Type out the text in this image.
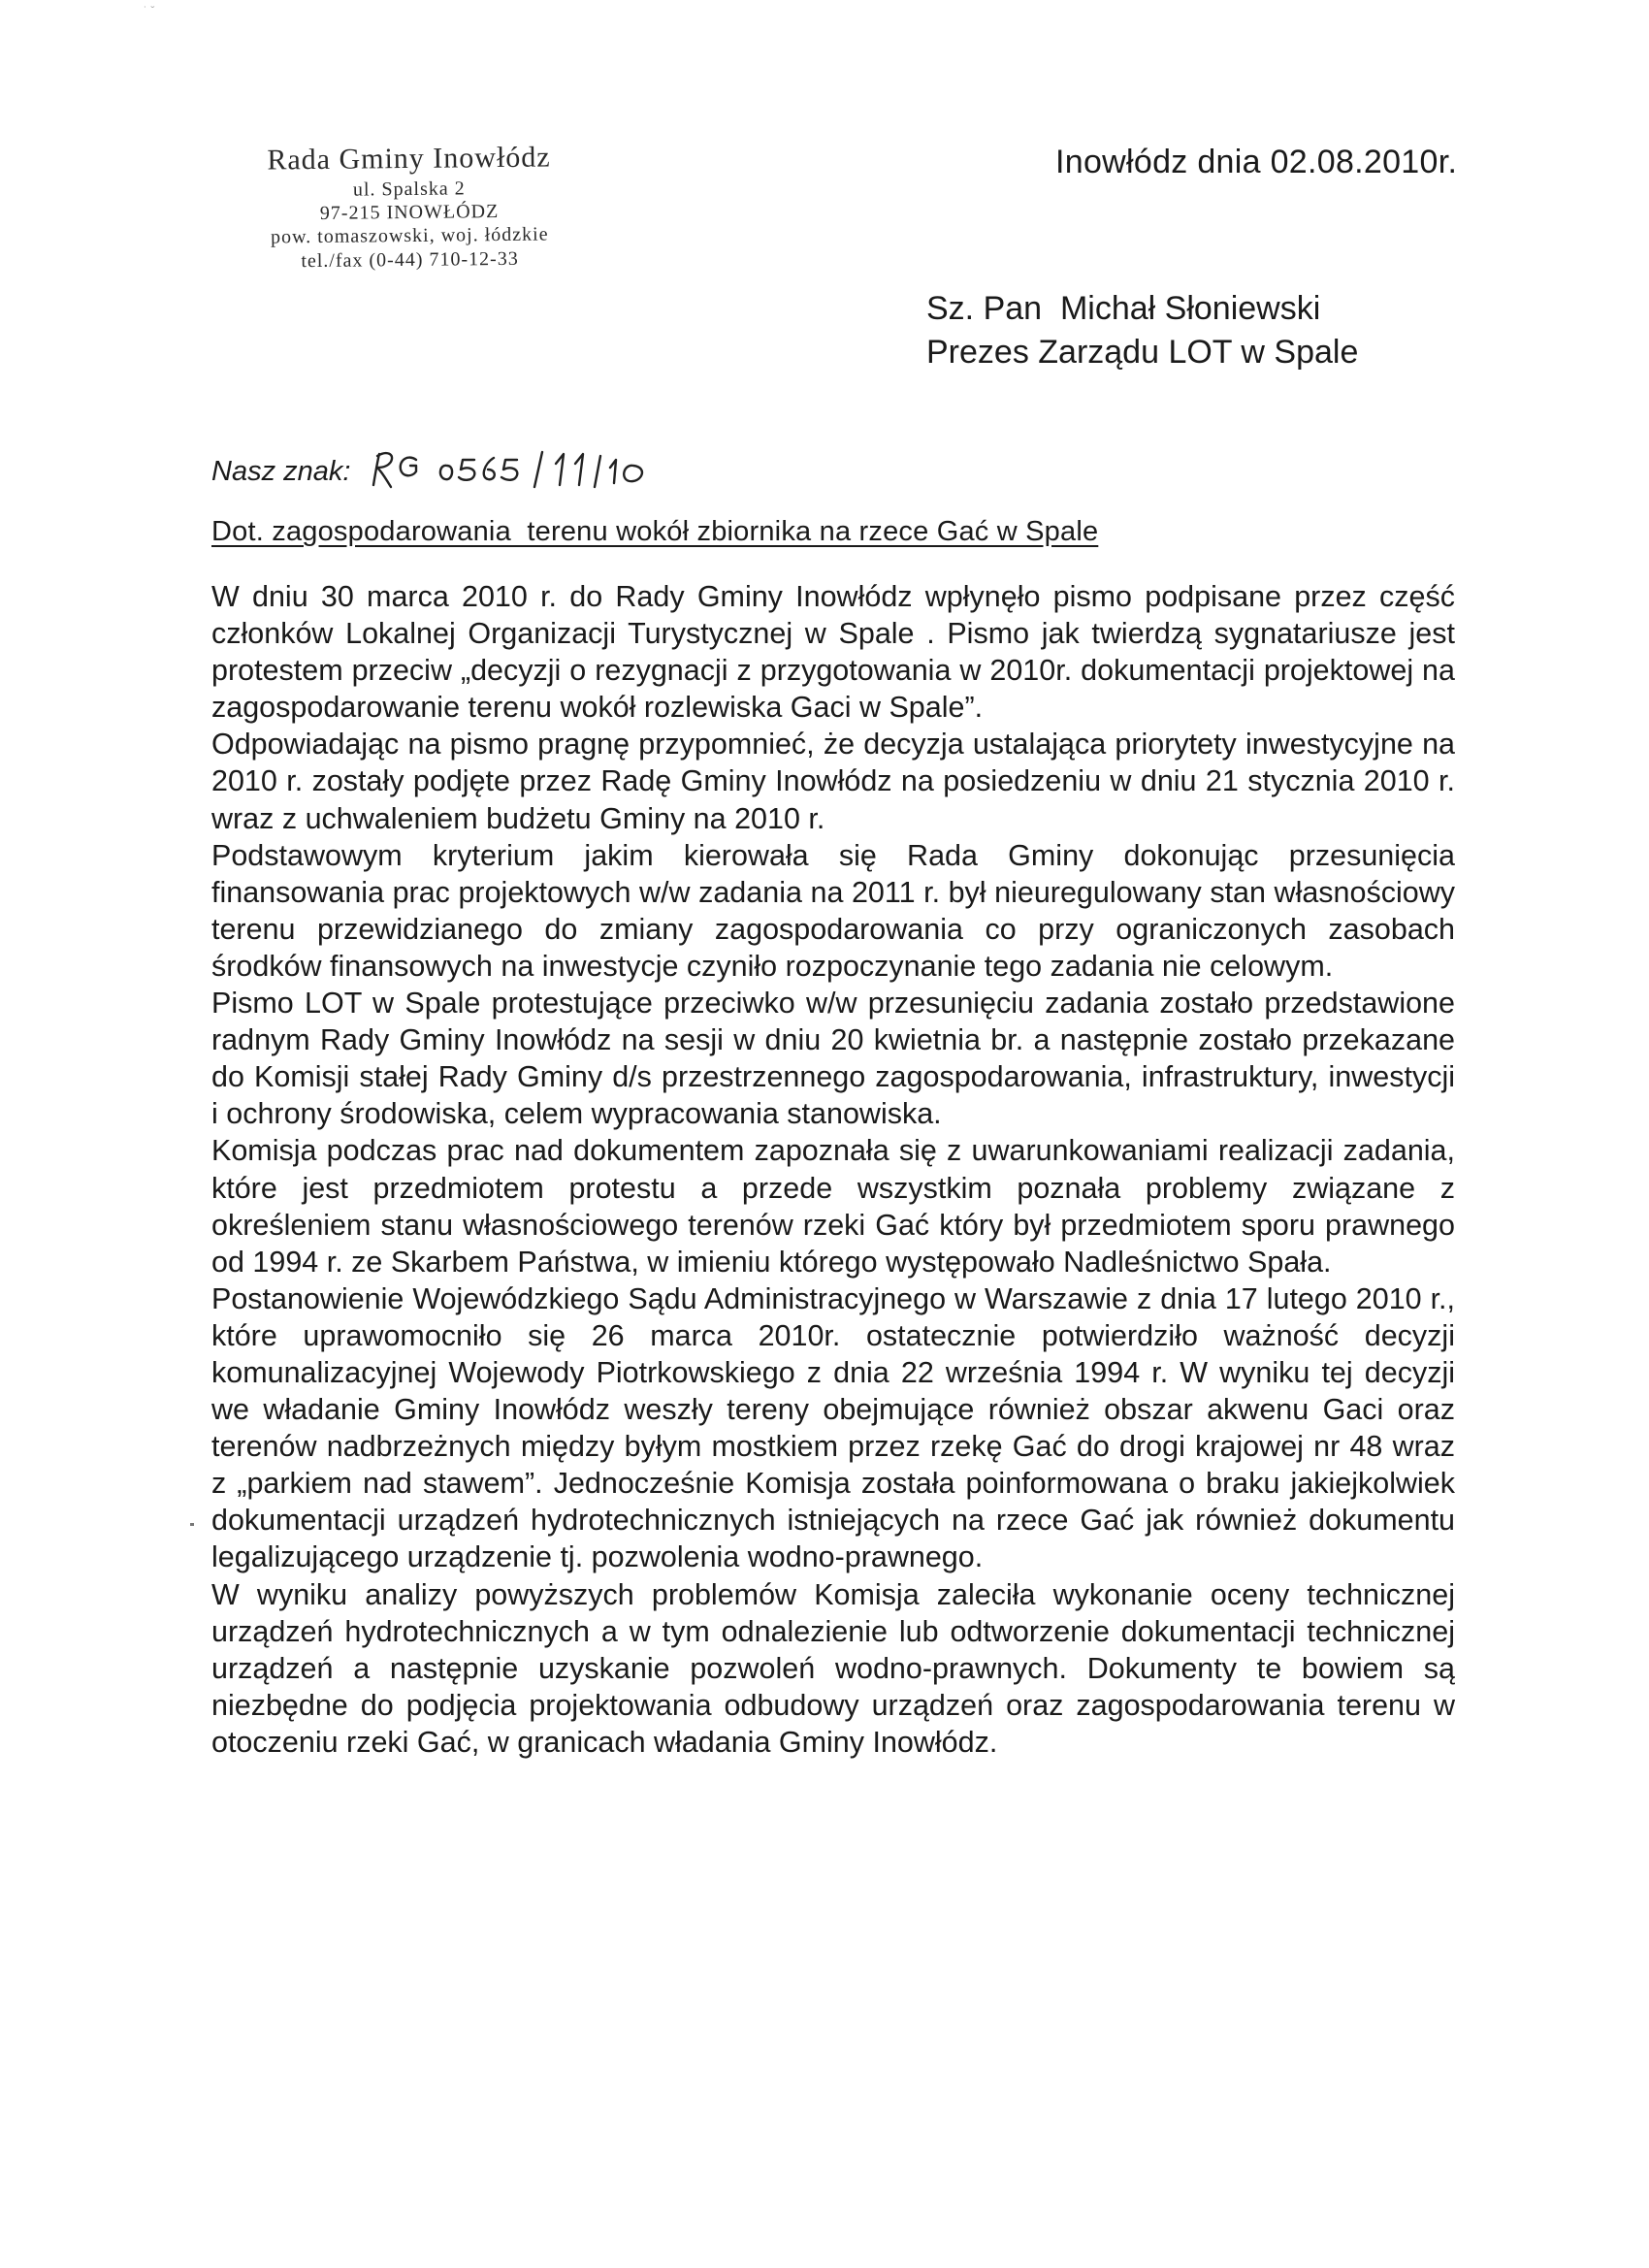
˙ ˇ
Rada Gminy Inowłódz
ul. Spalska 2
97-215 INOWŁÓDZ
pow. tomaszowski, woj. łódzkie
tel./fax (0-44) 710-12-33
Inowłódz dnia 02.08.2010r.
Sz. Pan  Michał Słoniewski
Prezes Zarządu LOT w Spale
Nasz znak:
Dot. zagospodarowania  terenu wokół zbiornika na rzece Gać w Spale

W dniu 30 marca 2010 r. do Rady Gminy Inowłódz wpłynęło pismo podpisane przez część członków Lokalnej Organizacji Turystycznej w Spale . Pismo jak twierdzą sygnatariusze jest protestem przeciw „decyzji o rezygnacji z przygotowania w 2010r. dokumentacji projektowej na zagospodarowanie terenu wokół rozlewiska Gaci w Spale”.

Odpowiadając na pismo pragnę przypomnieć, że decyzja ustalająca priorytety inwestycyjne na 2010 r. zostały podjęte przez Radę Gminy Inowłódz na posiedzeniu w dniu 21 stycznia 2010 r. wraz z uchwaleniem budżetu Gminy na 2010 r.

Podstawowym kryterium jakim kierowała się Rada Gminy dokonując przesunięcia finansowania prac projektowych w/w zadania na 2011 r. był nieuregulowany stan własnościowy terenu przewidzianego do zmiany zagospodarowania co przy ograniczonych zasobach środków finansowych na inwestycje czyniło rozpoczynanie tego zadania nie celowym.

Pismo LOT w Spale protestujące przeciwko w/w przesunięciu zadania zostało przedstawione radnym Rady Gminy Inowłódz na sesji w dniu 20 kwietnia br. a następnie zostało przekazane do Komisji stałej Rady Gminy d/s przestrzennego zagospodarowania, infrastruktury, inwestycji i ochrony środowiska, celem wypracowania stanowiska.

Komisja podczas prac nad dokumentem zapoznała się z uwarunkowaniami realizacji zadania, które jest przedmiotem protestu a przede wszystkim poznała problemy związane z określeniem stanu własnościowego terenów rzeki Gać który był przedmiotem sporu prawnego od 1994 r. ze Skarbem Państwa, w imieniu którego występowało Nadleśnictwo Spała.

Postanowienie Wojewódzkiego Sądu Administracyjnego w Warszawie z dnia 17 lutego 2010 r., które uprawomocniło się 26 marca 2010r. ostatecznie potwierdziło ważność decyzji komunalizacyjnej Wojewody Piotrkowskiego z dnia 22 września 1994 r. W wyniku tej decyzji we władanie Gminy Inowłódz weszły tereny obejmujące również obszar akwenu Gaci oraz terenów nadbrzeżnych między byłym mostkiem przez rzekę Gać do drogi krajowej nr 48 wraz z „parkiem nad stawem”. Jednocześnie Komisja została poinformowana o braku jakiejkolwiek dokumentacji urządzeń hydrotechnicznych istniejących na rzece Gać jak również dokumentu legalizującego urządzenie tj. pozwolenia wodno-prawnego.

W wyniku analizy powyższych problemów Komisja zaleciła wykonanie oceny technicznej urządzeń hydrotechnicznych a w tym odnalezienie lub odtworzenie dokumentacji technicznej urządzeń a następnie uzyskanie pozwoleń wodno-prawnych. Dokumenty te bowiem są niezbędne do podjęcia projektowania odbudowy urządzeń oraz zagospodarowania terenu w otoczeniu rzeki Gać, w granicach władania Gminy Inowłódz.
